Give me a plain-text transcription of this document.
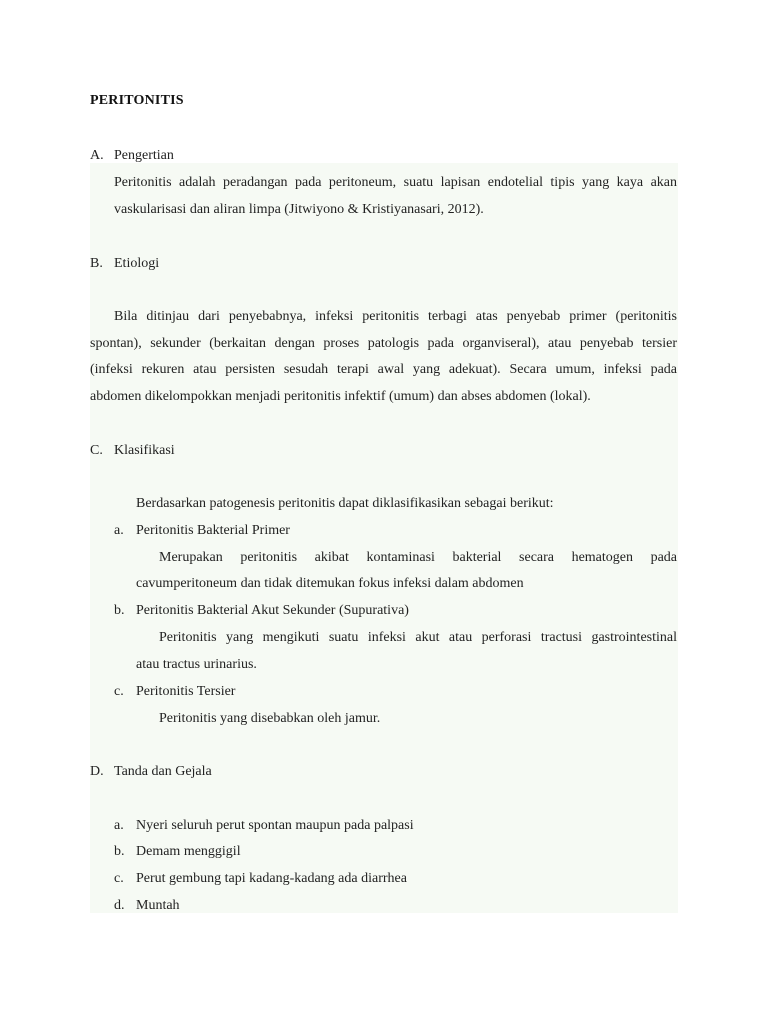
PERITONITIS
A. Pengertian
Peritonitis adalah peradangan pada peritoneum, suatu lapisan endotelial tipis yang kaya akan
vaskularisasi dan aliran limpa (Jitwiyono & Kristiyanasari, 2012).
B. Etiologi
Bila ditinjau dari penyebabnya, infeksi peritonitis terbagi atas penyebab primer (peritonitis
spontan), sekunder (berkaitan dengan proses patologis pada organviseral), atau penyebab tersier
(infeksi rekuren atau persisten sesudah terapi awal yang adekuat). Secara umum, infeksi pada
abdomen dikelompokkan menjadi peritonitis infektif (umum) dan abses abdomen (lokal).
C. Klasifikasi
Berdasarkan patogenesis peritonitis dapat diklasifikasikan sebagai berikut:
a. Peritonitis Bakterial Primer
Merupakan peritonitis akibat kontaminasi bakterial secara hematogen pada
cavumperitoneum dan tidak ditemukan fokus infeksi dalam abdomen
b. Peritonitis Bakterial Akut Sekunder (Supurativa)
Peritonitis yang mengikuti suatu infeksi akut atau perforasi tractusi gastrointestinal
atau tractus urinarius.
c. Peritonitis Tersier
Peritonitis yang disebabkan oleh jamur.
D. Tanda dan Gejala
a. Nyeri seluruh perut spontan maupun pada palpasi
b. Demam menggigil
c. Perut gembung tapi kadang-kadang ada diarrhea
d. Muntah
